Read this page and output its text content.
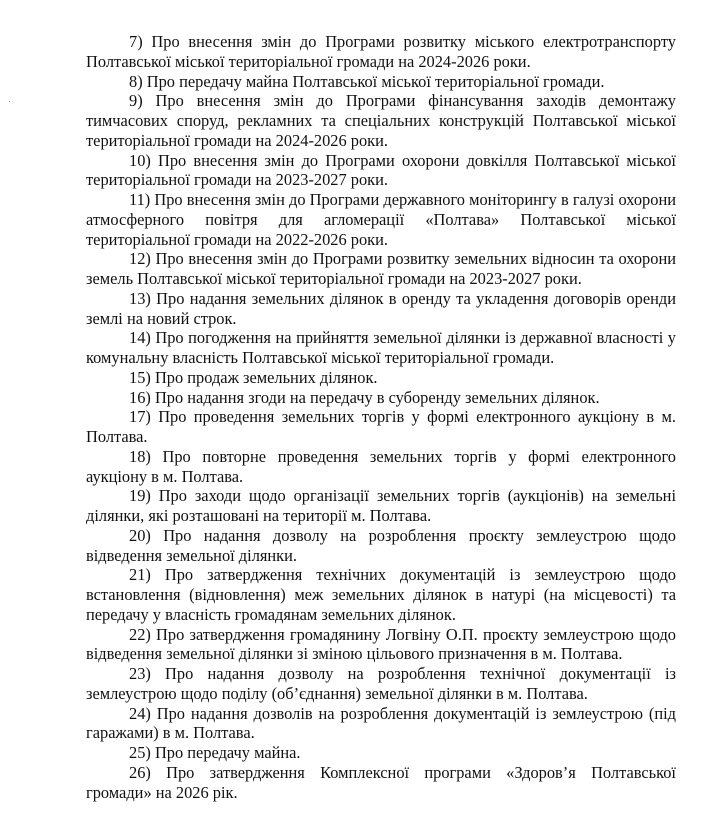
7) Про внесення змін до Програми розвитку міського електротранспорту Полтавської міської територіальної громади на 2024-2026 роки.

8) Про передачу майна Полтавської міської територіальної громади.

9) Про внесення змін до Програми фінансування заходів демонтажу тимчасових споруд, рекламних та спеціальних конструкцій Полтавської міської територіальної громади на 2024-2026 роки.

10) Про внесення змін до Програми охорони довкілля Полтавської міської територіальної громади на 2023-2027 роки.

11) Про внесення змін до Програми державного моніторингу в галузі охорони атмосферного повітря для агломерації «Полтава» Полтавської міської територіальної громади на 2022-2026 роки.

12) Про внесення змін до Програми розвитку земельних відносин та охорони земель Полтавської міської територіальної громади на 2023-2027 роки.

13) Про надання земельних ділянок в оренду та укладення договорів оренди землі на новий строк.

14) Про погодження на прийняття земельної ділянки із державної власності у комунальну власність Полтавської міської територіальної громади.

15) Про продаж земельних ділянок.

16) Про надання згоди на передачу в суборенду земельних ділянок.

17) Про проведення земельних торгів у формі електронного аукціону в м. Полтава.

18) Про повторне проведення земельних торгів у формі електронного аукціону в м. Полтава.

19) Про заходи щодо організації земельних торгів (аукціонів) на земельні ділянки, які розташовані на території м. Полтава.

20) Про надання дозволу на розроблення проєкту землеустрою щодо відведення земельної ділянки.

21) Про затвердження технічних документацій із землеустрою щодо встановлення (відновлення) меж земельних ділянок в натурі (на місцевості) та передачу у власність громадянам земельних ділянок.

22) Про затвердження громадянину Логвіну О.П. проєкту землеустрою щодо відведення земельної ділянки зі зміною цільового призначення в м. Полтава.

23) Про надання дозволу на розроблення технічної документації із землеустрою щодо поділу (об’єднання) земельної ділянки в м. Полтава.

24) Про надання дозволів на розроблення документацій із землеустрою (під гаражами) в м. Полтава.

25) Про передачу майна.

26) Про затвердження Комплексної програми «Здоров’я Полтавської громади» на 2026 рік.
